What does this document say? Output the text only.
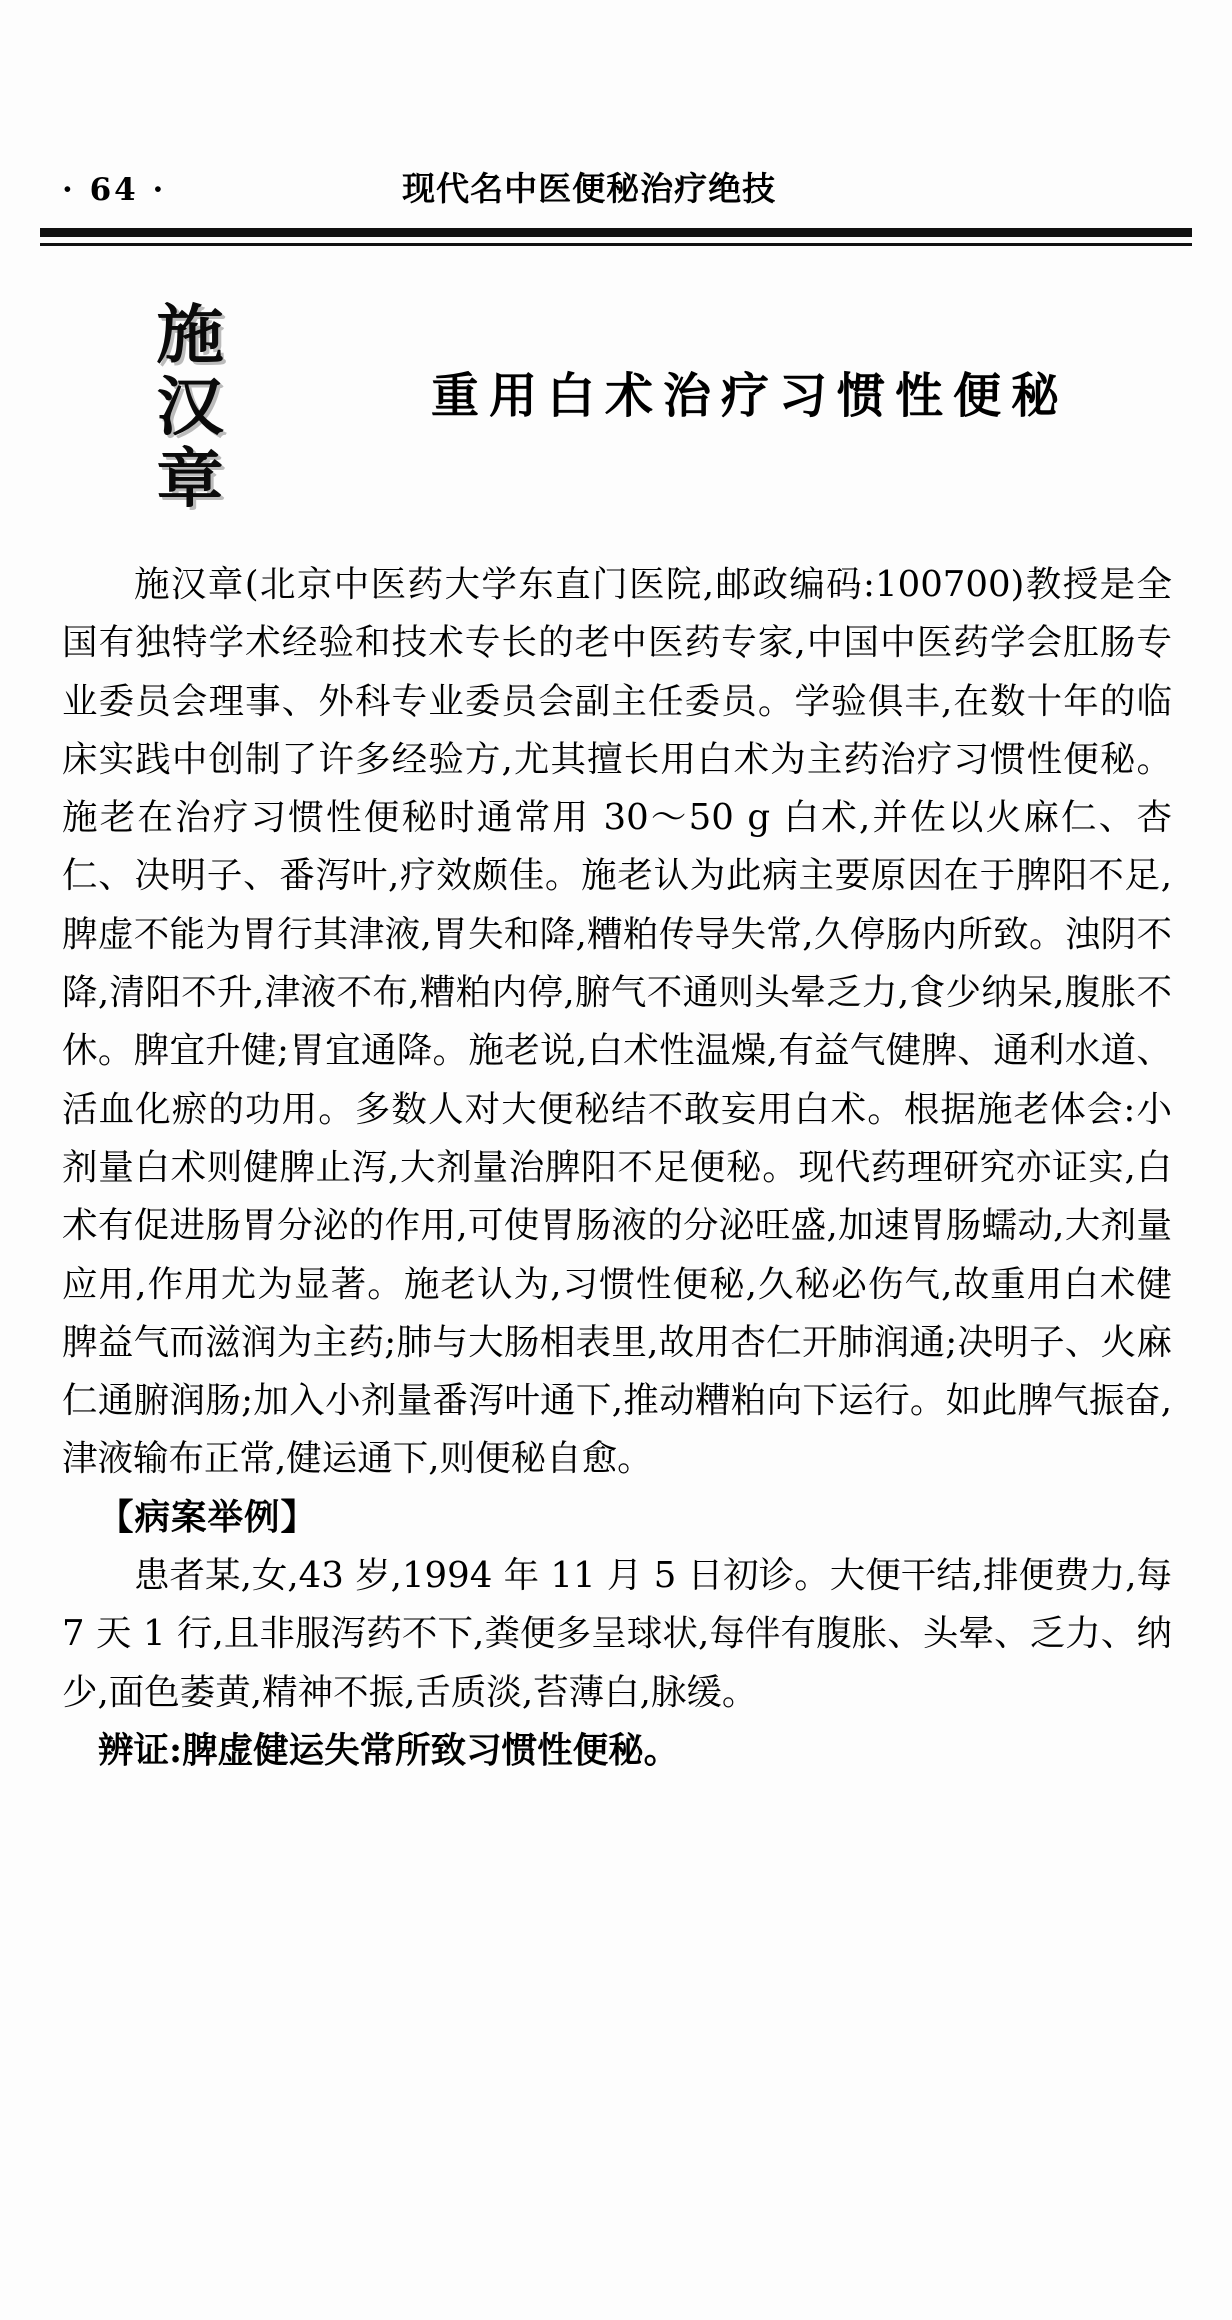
· 64 ·	现代名中医便秘治疗绝技
施
汉
章
重用白术治疗习惯性便秘

施汉章(北京中医药大学东直门医院,邮政编码:100700)教授是全国有独特学术经验和技术专长的老中医药专家,中国中医药学会肛肠专业委员会理事、外科专业委员会副主任委员。学验俱丰,在数十年的临床实践中创制了许多经验方,尤其擅长用白术为主药治疗习惯性便秘。施老在治疗习惯性便秘时通常用 30～50 g 白术,并佐以火麻仁、杏仁、决明子、番泻叶,疗效颇佳。施老认为此病主要原因在于脾阳不足,脾虚不能为胃行其津液,胃失和降,糟粕传导失常,久停肠内所致。浊阴不降,清阳不升,津液不布,糟粕内停,腑气不通则头晕乏力,食少纳呆,腹胀不休。脾宜升健;胃宜通降。施老说,白术性温燥,有益气健脾、通利水道、活血化瘀的功用。多数人对大便秘结不敢妄用白术。根据施老体会:小剂量白术则健脾止泻,大剂量治脾阳不足便秘。现代药理研究亦证实,白术有促进肠胃分泌的作用,可使胃肠液的分泌旺盛,加速胃肠蠕动,大剂量应用,作用尤为显著。施老认为,习惯性便秘,久秘必伤气,故重用白术健脾益气而滋润为主药;肺与大肠相表里,故用杏仁开肺润通;决明子、火麻仁通腑润肠;加入小剂量番泻叶通下,推动糟粕向下运行。如此脾气振奋,津液输布正常,健运通下,则便秘自愈。

【病案举例】

患者某,女,43 岁,1994 年 11 月 5 日初诊。大便干结,排便费力,每 7 天 1 行,且非服泻药不下,粪便多呈球状,每伴有腹胀、头晕、乏力、纳少,面色萎黄,精神不振,舌质淡,苔薄白,脉缓。

辨证:脾虚健运失常所致习惯性便秘。
